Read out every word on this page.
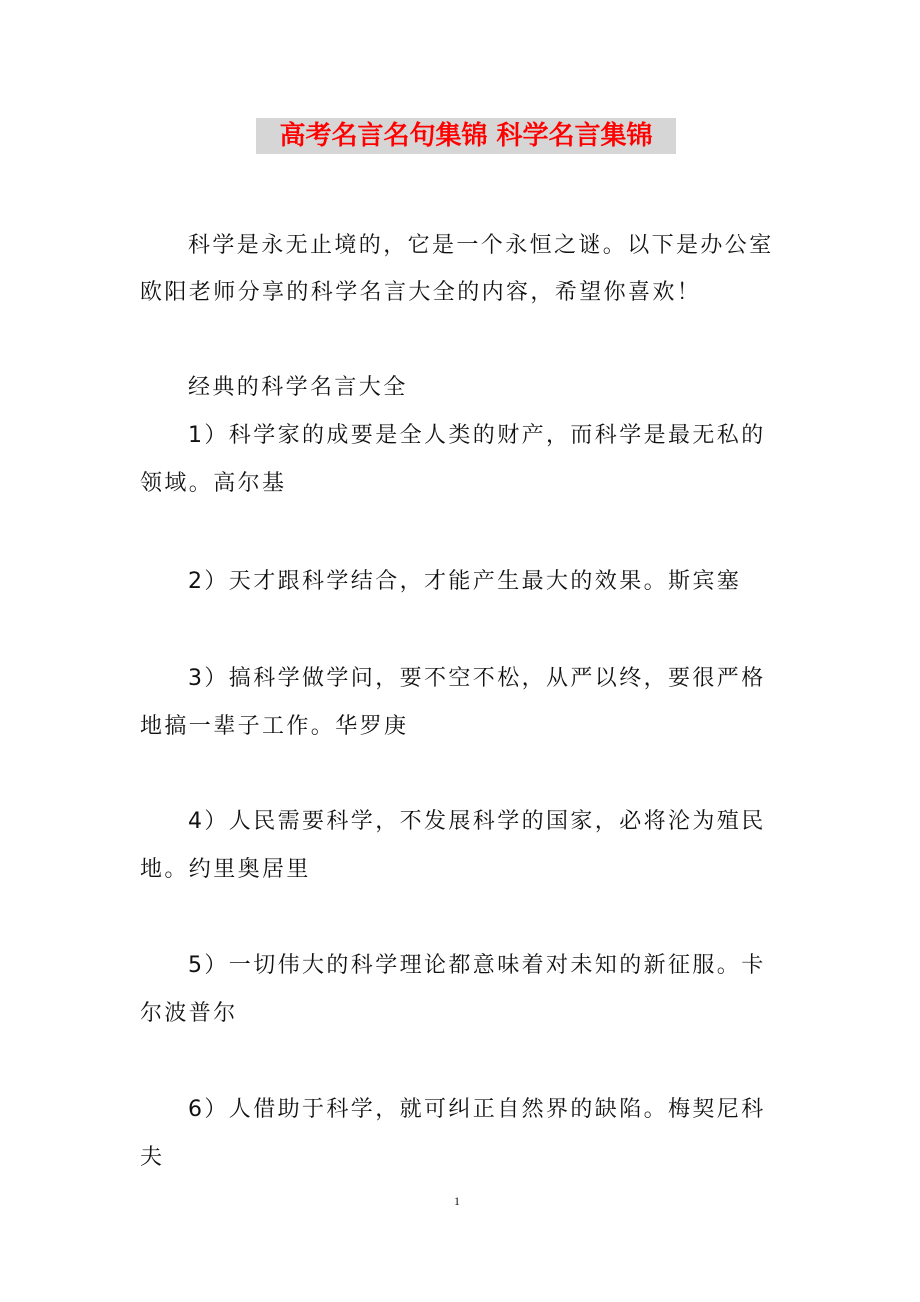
高考名言名句集锦 科学名言集锦
科学是永无止境的，它是一个永恒之谜。以下是办公室
欧阳老师分享的科学名言大全的内容，希望你喜欢！
经典的科学名言大全
1）科学家的成要是全人类的财产，而科学是最无私的
领域。高尔基
2）天才跟科学结合，才能产生最大的效果。斯宾塞
3）搞科学做学问，要不空不松，从严以终，要很严格
地搞一辈子工作。华罗庚
4）人民需要科学，不发展科学的国家，必将沦为殖民
地。约里奥居里
5）一切伟大的科学理论都意味着对未知的新征服。卡
尔波普尔
6）人借助于科学，就可纠正自然界的缺陷。梅契尼科
夫
1
